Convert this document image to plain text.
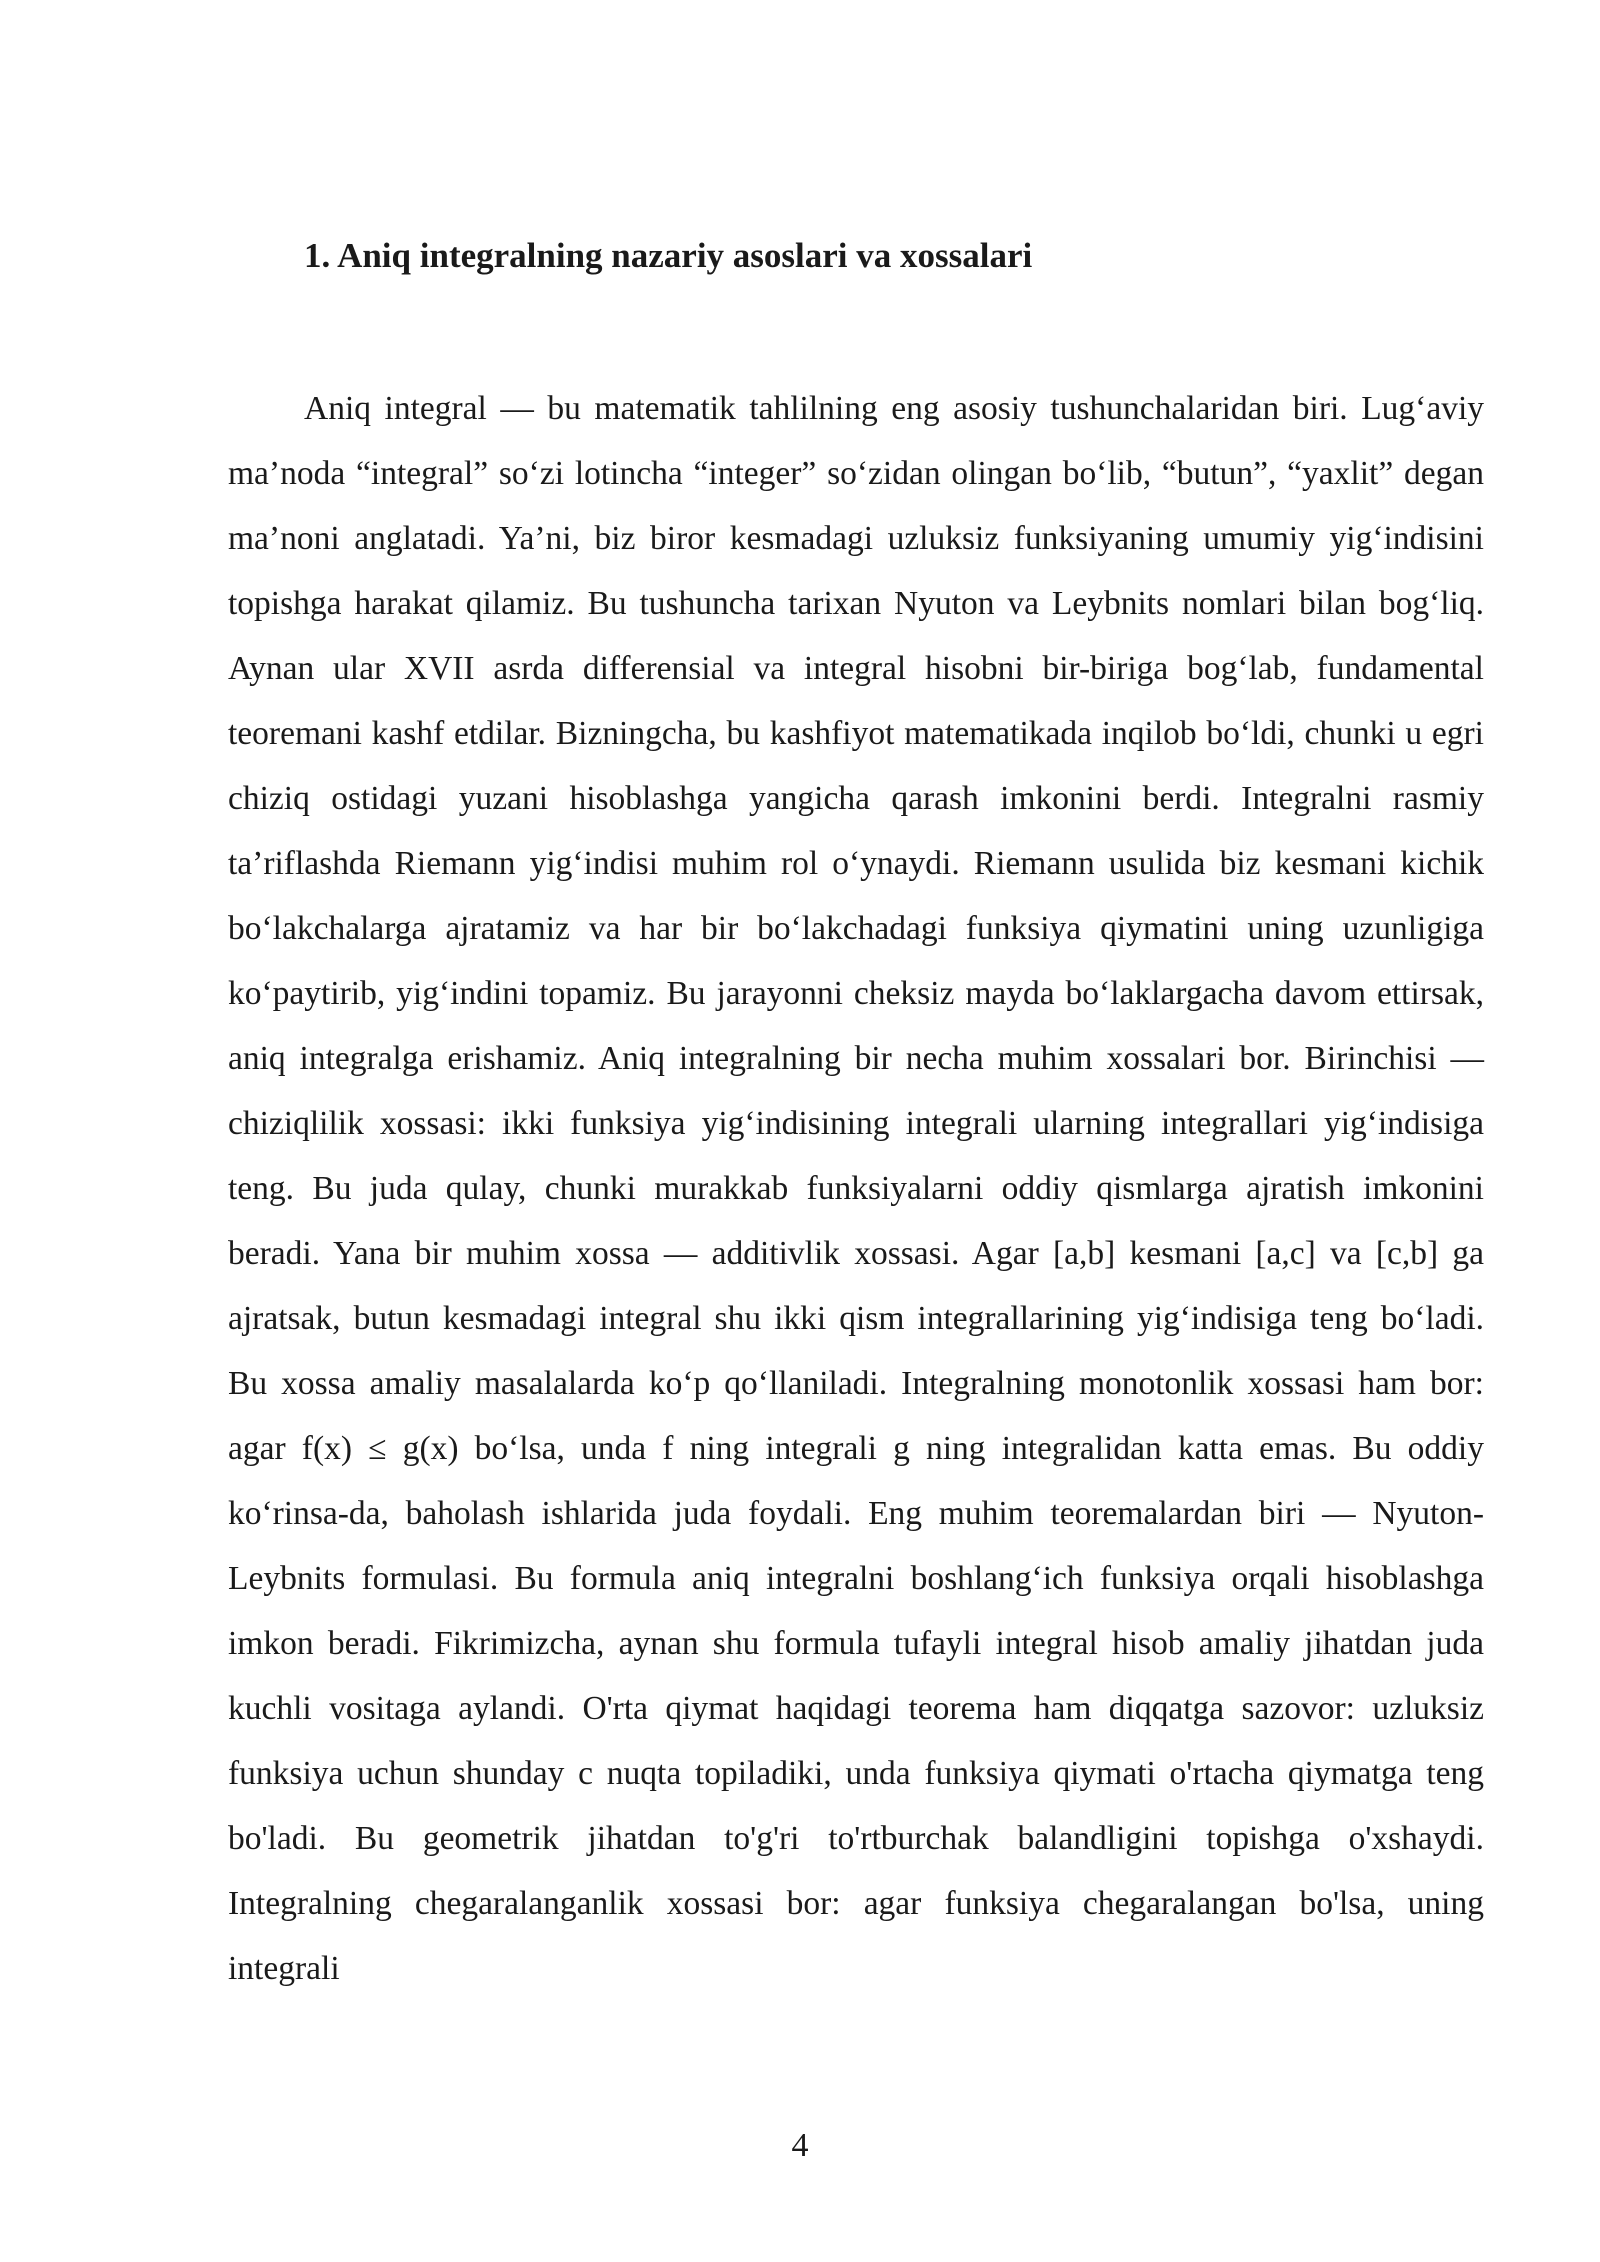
1. Aniq integralning nazariy asoslari va xossalari

Aniq integral — bu matematik tahlilning eng asosiy tushunchalaridan biri. Lug‘aviy ma’noda “integral” so‘zi lotincha “integer” so‘zidan olingan bo‘lib, “butun”, “yaxlit” degan ma’noni anglatadi. Ya’ni, biz biror kesmadagi uzluksiz funksiyaning umumiy yig‘indisini topishga harakat qilamiz. Bu tushuncha tarixan Nyuton va Leybnits nomlari bilan bog‘liq. Aynan ular XVII asrda differensial va integral hisobni bir-biriga bog‘lab, fundamental teoremani kashf etdilar. Bizningcha, bu kashfiyot matematikada inqilob bo‘ldi, chunki u egri chiziq ostidagi yuzani hisoblashga yangicha qarash imkonini berdi. Integralni rasmiy ta’riflashda Riemann yig‘indisi muhim rol o‘ynaydi. Riemann usulida biz kesmani kichik bo‘lakchalarga ajratamiz va har bir bo‘lakchadagi funksiya qiymatini uning uzunligiga ko‘paytirib, yig‘indini topamiz. Bu jarayonni cheksiz mayda bo‘laklargacha davom ettirsak, aniq integralga erishamiz. Aniq integralning bir necha muhim xossalari bor. Birinchisi — chiziqlilik xossasi: ikki funksiya yig‘indisining integrali ularning integrallari yig‘indisiga teng. Bu juda qulay, chunki murakkab funksiyalarni oddiy qismlarga ajratish imkonini beradi. Yana bir muhim xossa — additivlik xossasi. Agar [a,b] kesmani [a,c] va [c,b] ga ajratsak, butun kesmadagi integral shu ikki qism integrallarining yig‘indisiga teng bo‘ladi. Bu xossa amaliy masalalarda ko‘p qo‘llaniladi. Integralning monotonlik xossasi ham bor: agar f(x) ≤ g(x) bo‘lsa, unda f ning integrali g ning integralidan katta emas. Bu oddiy ko‘rinsa-da, baholash ishlarida juda foydali. Eng muhim teoremalardan biri — Nyuton-Leybnits formulasi. Bu formula aniq integralni boshlang‘ich funksiya orqali hisoblashga imkon beradi. Fikrimizcha, aynan shu formula tufayli integral hisob amaliy jihatdan juda kuchli vositaga aylandi. O'rta qiymat haqidagi teorema ham diqqatga sazovor: uzluksiz funksiya uchun shunday c nuqta topiladiki, unda funksiya qiymati o'rtacha qiymatga teng bo'ladi. Bu geometrik jihatdan to'g'ri to'rtburchak balandligini topishga o'xshaydi. Integralning chegaralanganlik xossasi bor: agar funksiya chegaralangan bo'lsa, uning integrali

4
